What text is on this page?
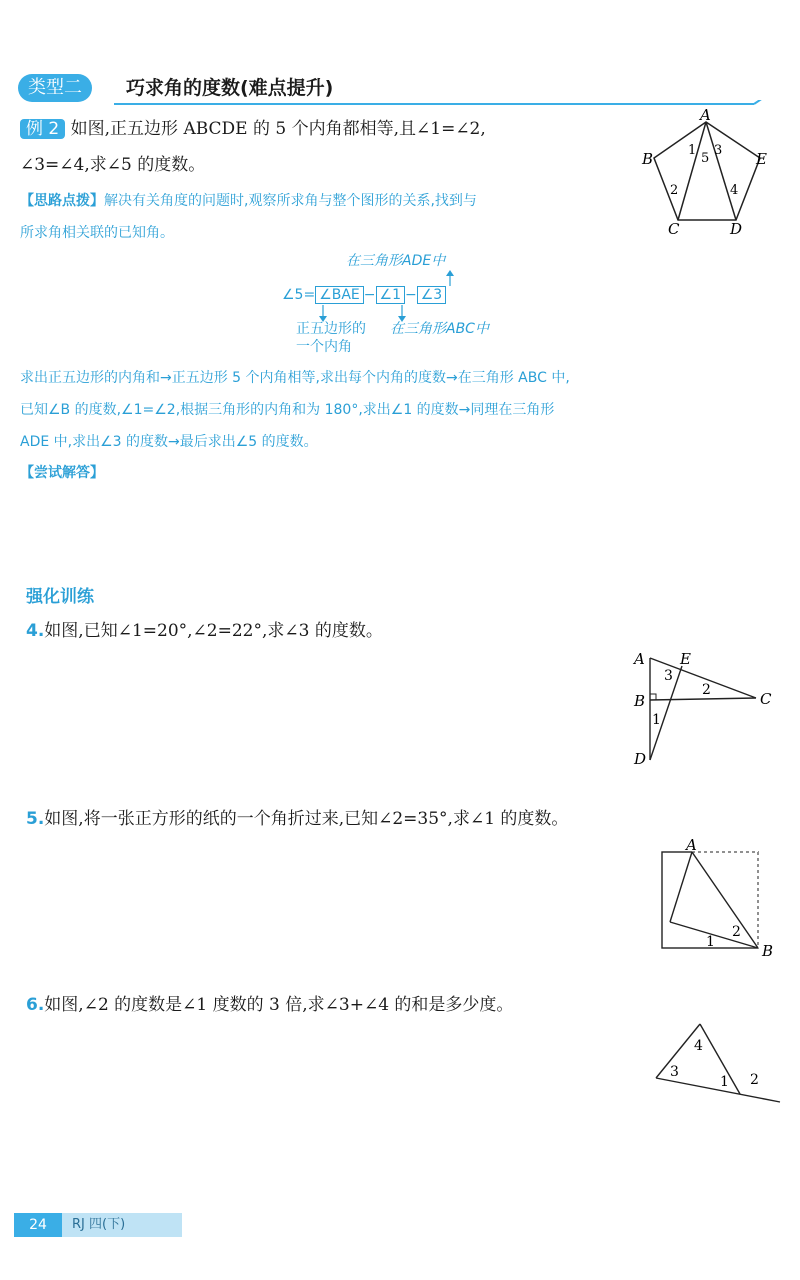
类型二	巧求角的度数(难点提升)
例 2 如图,正五边形 ABCDE 的 5 个内角都相等,且∠1=∠2,
∠3=∠4,求∠5 的度数。
A
B	E
C	D
1
5
3
2	4
【思路点拨】解决有关角度的问题时,观察所求角与整个图形的关系,找到与
所求角相关联的已知角。
在三角形ADE中
∠5= ∠BAE − ∠1 − ∠3
正五边形的
一个内角
在三角形ABC中
求出正五边形的内角和→正五边形 5 个内角相等,求出每个内角的度数→在三角形 ABC 中,
已知∠B 的度数,∠1=∠2,根据三角形的内角和为 180°,求出∠1 的度数→同理在三角形
ADE 中,求出∠3 的度数→最后求出∠5 的度数。
【尝试解答】
强化训练
4.如图,已知∠1=20°,∠2=22°,求∠3 的度数。
A E
B	C
D
3
2
1
5.如图,将一张正方形的纸的一个角折过来,已知∠2=35°,求∠1 的度数。
A
B
2
1
6.如图,∠2 的度数是∠1 度数的 3 倍,求∠3+∠4 的和是多少度。
4
3
1 2
24	RJ 四(下)
